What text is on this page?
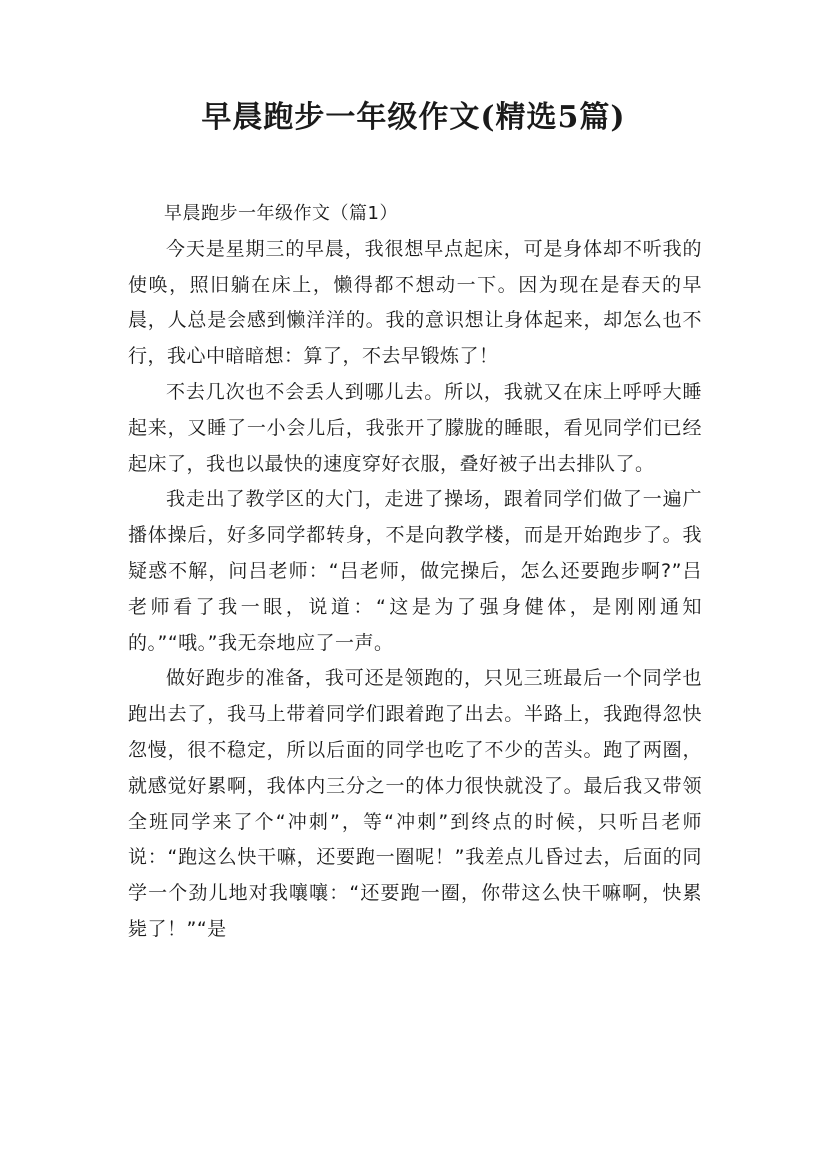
早晨跑步一年级作文(精选5篇)

早晨跑步一年级作文（篇1）

今天是星期三的早晨，我很想早点起床，可是身体却不听我的使唤，照旧躺在床上，懒得都不想动一下。因为现在是春天的早晨，人总是会感到懒洋洋的。我的意识想让身体起来，却怎么也不行，我心中暗暗想：算了，不去早锻炼了！

不去几次也不会丢人到哪儿去。所以，我就又在床上呼呼大睡起来，又睡了一小会儿后，我张开了朦胧的睡眼，看见同学们已经起床了，我也以最快的速度穿好衣服，叠好被子出去排队了。

我走出了教学区的大门，走进了操场，跟着同学们做了一遍广播体操后，好多同学都转身，不是向教学楼，而是开始跑步了。我疑惑不解，问吕老师：“吕老师，做完操后，怎么还要跑步啊?”吕老师看了我一眼，说道：“这是为了强身健体，是刚刚通知的。”“哦。”我无奈地应了一声。

做好跑步的准备，我可还是领跑的，只见三班最后一个同学也跑出去了，我马上带着同学们跟着跑了出去。半路上，我跑得忽快忽慢，很不稳定，所以后面的同学也吃了不少的苦头。跑了两圈，就感觉好累啊，我体内三分之一的体力很快就没了。最后我又带领全班同学来了个“冲刺”，等“冲刺”到终点的时候，只听吕老师说：“跑这么快干嘛，还要跑一圈呢！”我差点儿昏过去，后面的同学一个劲儿地对我嚷嚷：“还要跑一圈，你带这么快干嘛啊，快累毙了！”“是
